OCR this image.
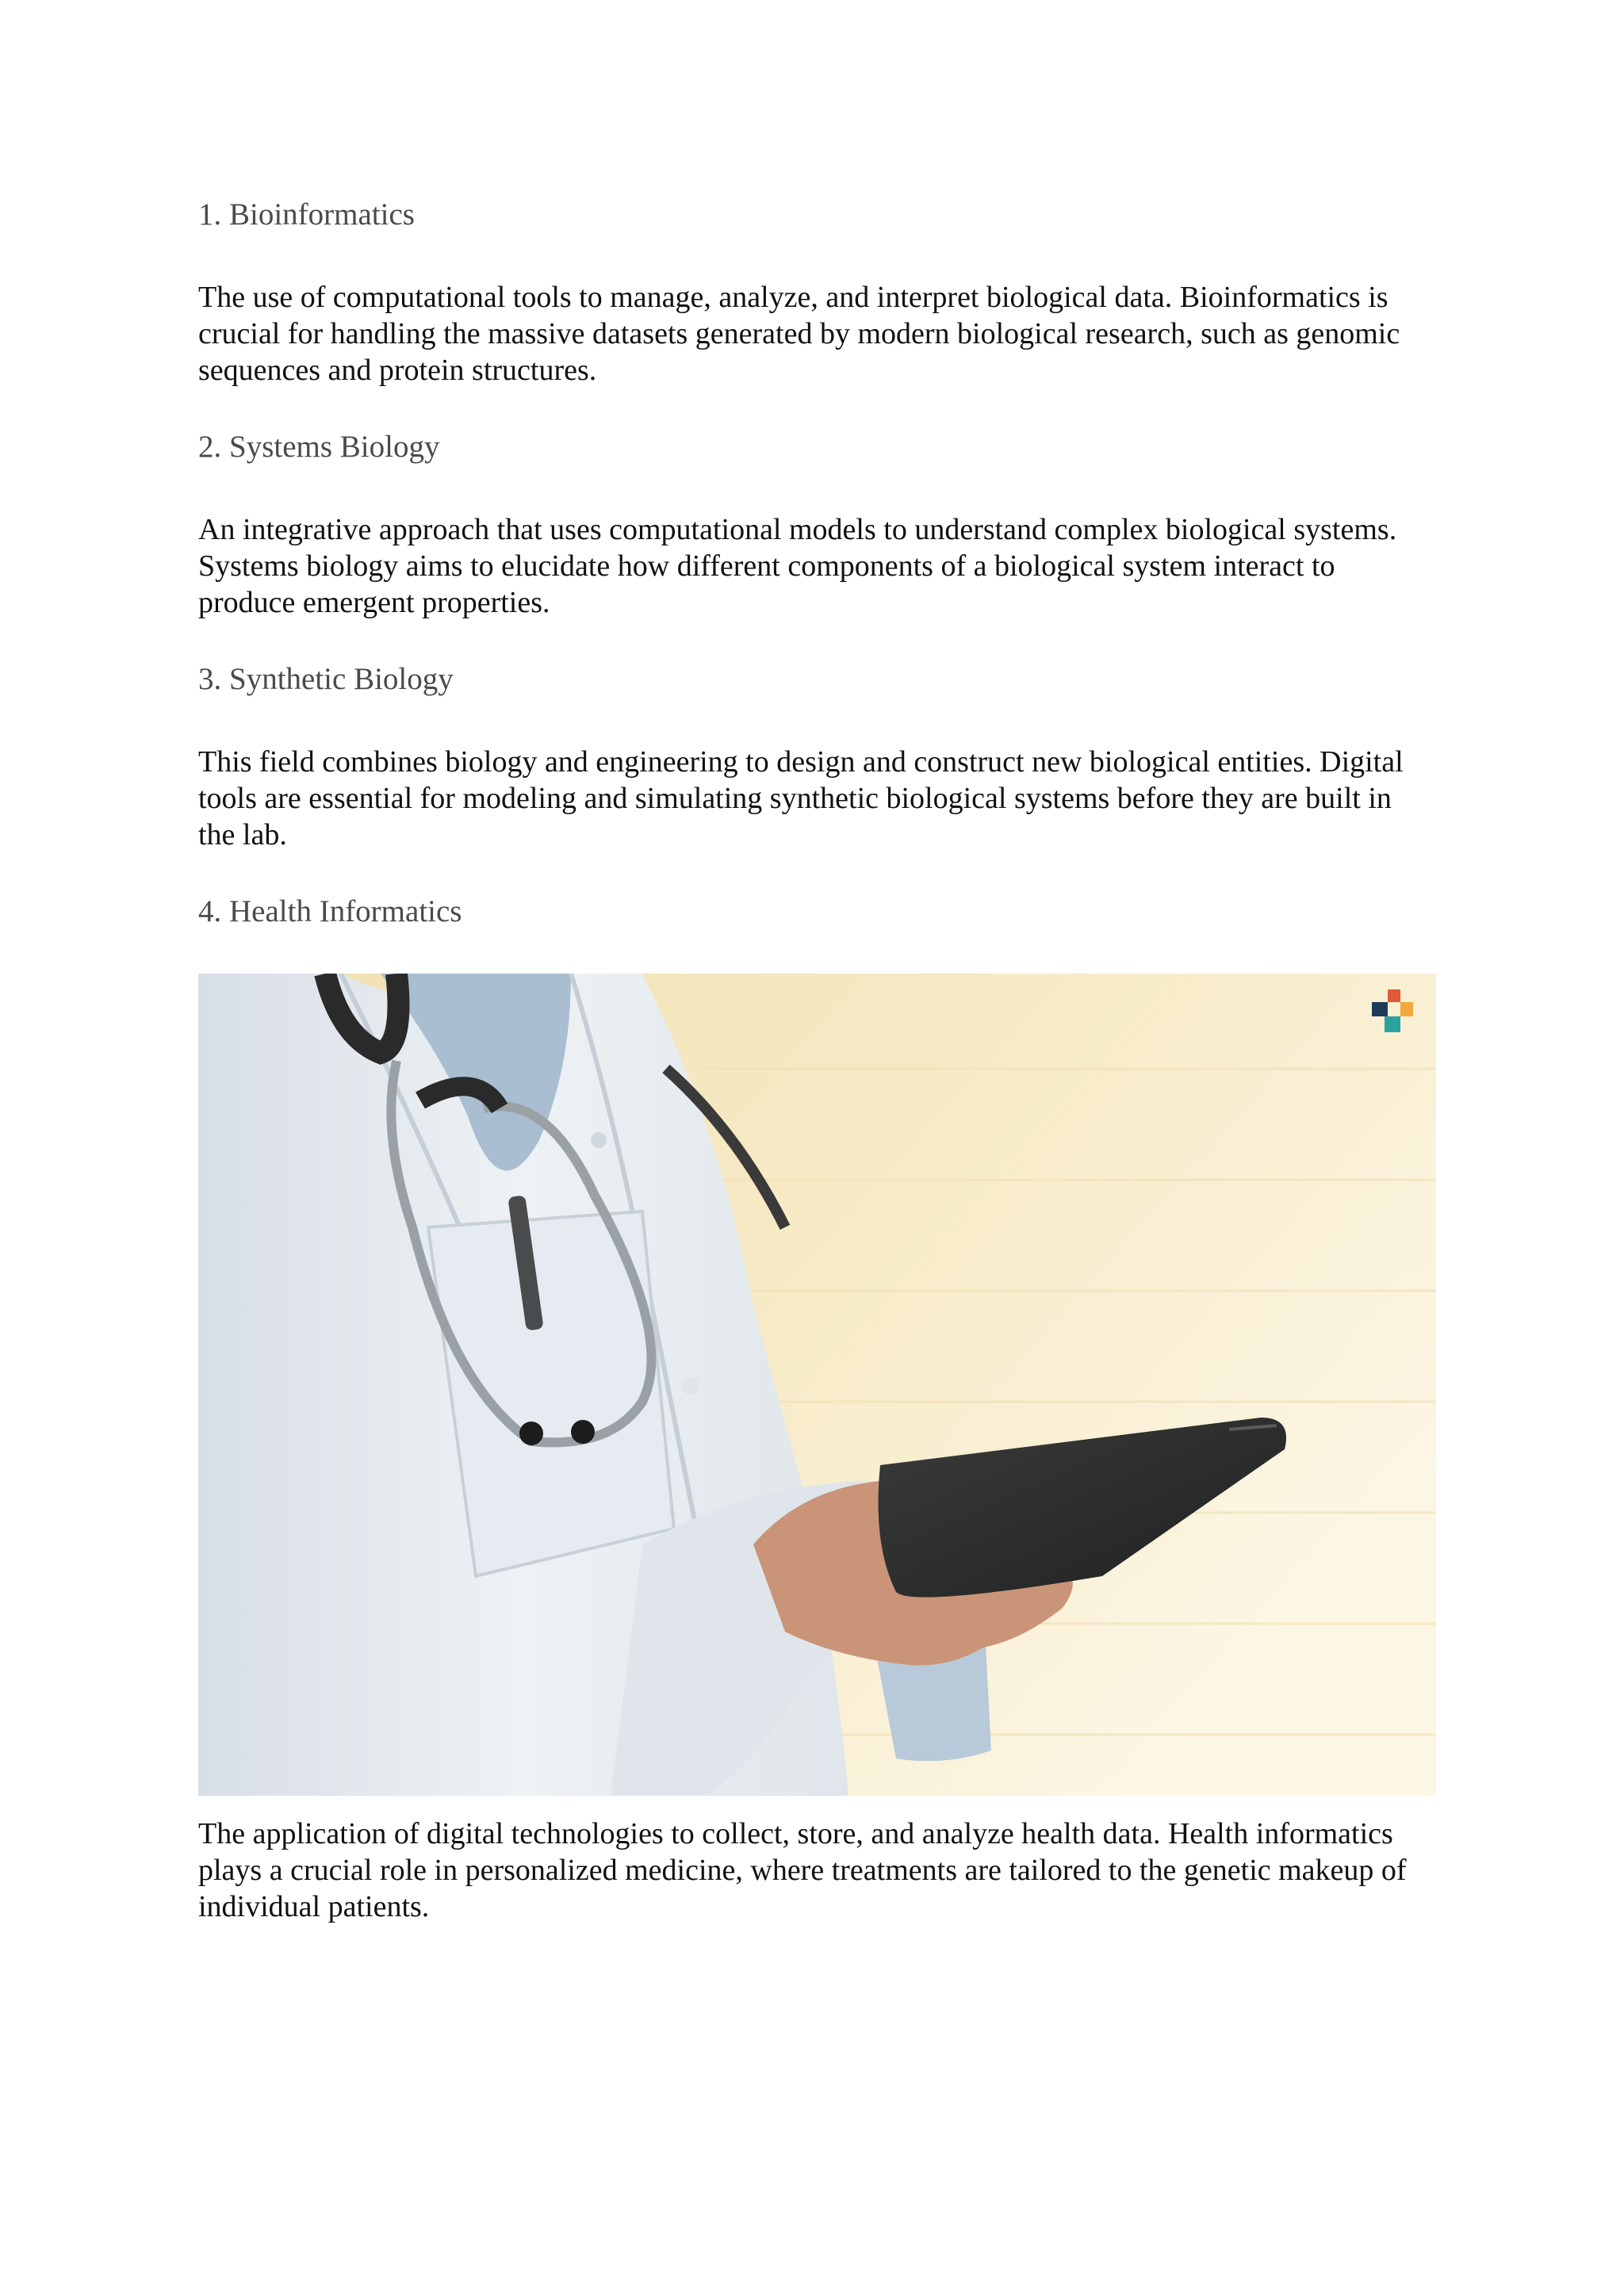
1. Bioinformatics

The use of computational tools to manage, analyze, and interpret biological data. Bioinformatics is crucial for handling the massive datasets generated by modern biological research, such as genomic sequences and protein structures.

2. Systems Biology

An integrative approach that uses computational models to understand complex biological systems. Systems biology aims to elucidate how different components of a biological system interact to produce emergent properties.

3. Synthetic Biology

This field combines biology and engineering to design and construct new biological entities. Digital tools are essential for modeling and simulating synthetic biological systems before they are built in the lab.

4. Health Informatics

The application of digital technologies to collect, store, and analyze health data. Health informatics plays a crucial role in personalized medicine, where treatments are tailored to the genetic makeup of individual patients.
